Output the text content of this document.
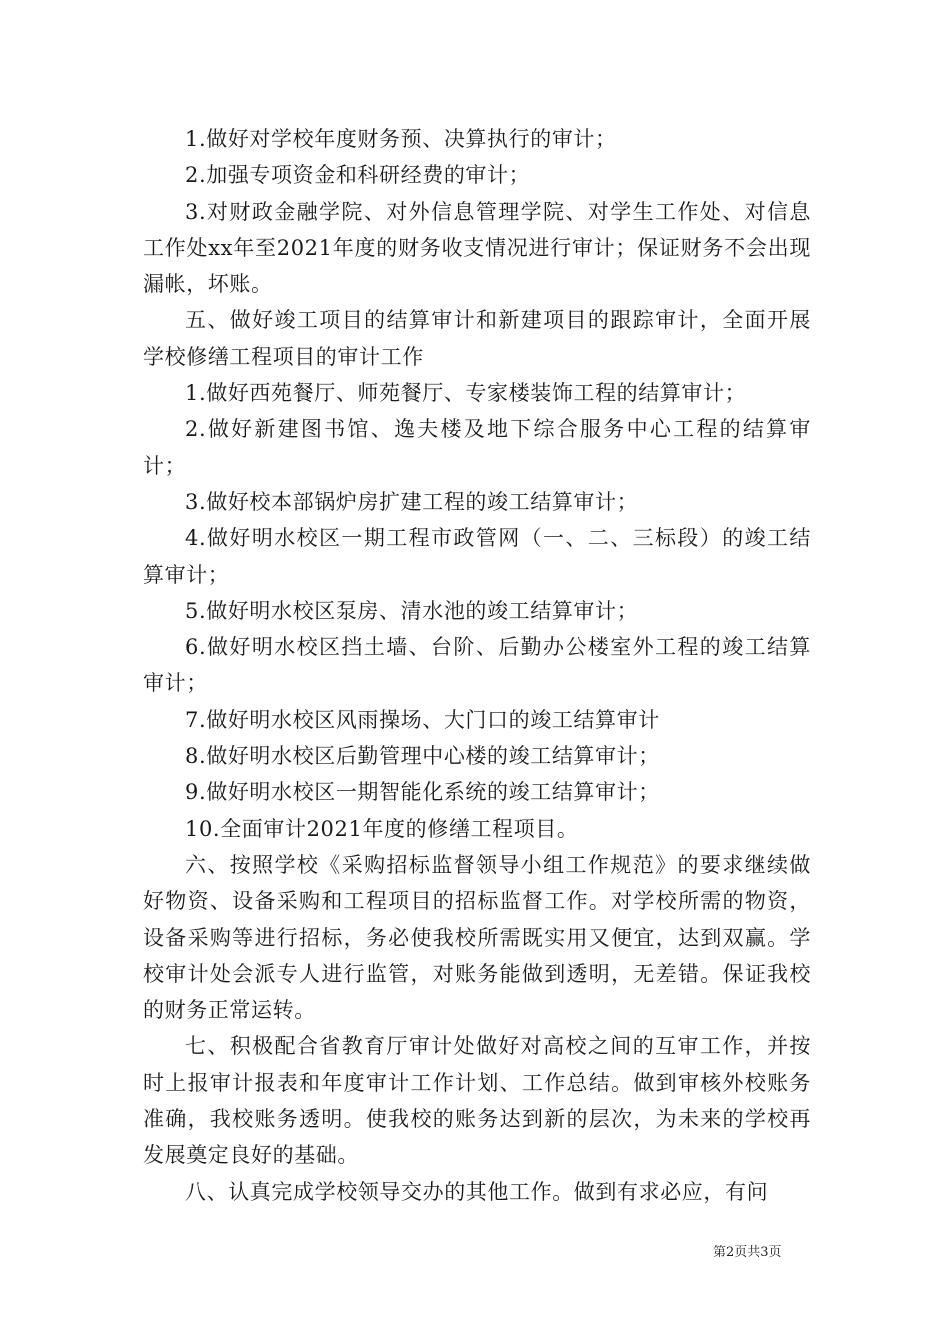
1.做好对学校年度财务预、决算执行的审计；

2.加强专项资金和科研经费的审计；

3.对财政金融学院、对外信息管理学院、对学生工作处、对信息工作处xx年至2021年度的财务收支情况进行审计；保证财务不会出现漏帐，坏账。

五、做好竣工项目的结算审计和新建项目的跟踪审计，全面开展学校修缮工程项目的审计工作

1.做好西苑餐厅、师苑餐厅、专家楼装饰工程的结算审计；

2.做好新建图书馆、逸夫楼及地下综合服务中心工程的结算审计；

3.做好校本部锅炉房扩建工程的竣工结算审计；

4.做好明水校区一期工程市政管网（一、二、三标段）的竣工结算审计；

5.做好明水校区泵房、清水池的竣工结算审计；

6.做好明水校区挡土墙、台阶、后勤办公楼室外工程的竣工结算审计；

7.做好明水校区风雨操场、大门口的竣工结算审计

8.做好明水校区后勤管理中心楼的竣工结算审计；

9.做好明水校区一期智能化系统的竣工结算审计；

10.全面审计2021年度的修缮工程项目。

六、按照学校《采购招标监督领导小组工作规范》的要求继续做好物资、设备采购和工程项目的招标监督工作。对学校所需的物资，设备采购等进行招标，务必使我校所需既实用又便宜，达到双赢。学校审计处会派专人进行监管，对账务能做到透明，无差错。保证我校的财务正常运转。

七、积极配合省教育厅审计处做好对高校之间的互审工作，并按时上报审计报表和年度审计工作计划、工作总结。做到审核外校账务准确，我校账务透明。使我校的账务达到新的层次，为未来的学校再发展奠定良好的基础。

八、认真完成学校领导交办的其他工作。做到有求必应，有问

第2页共3页
